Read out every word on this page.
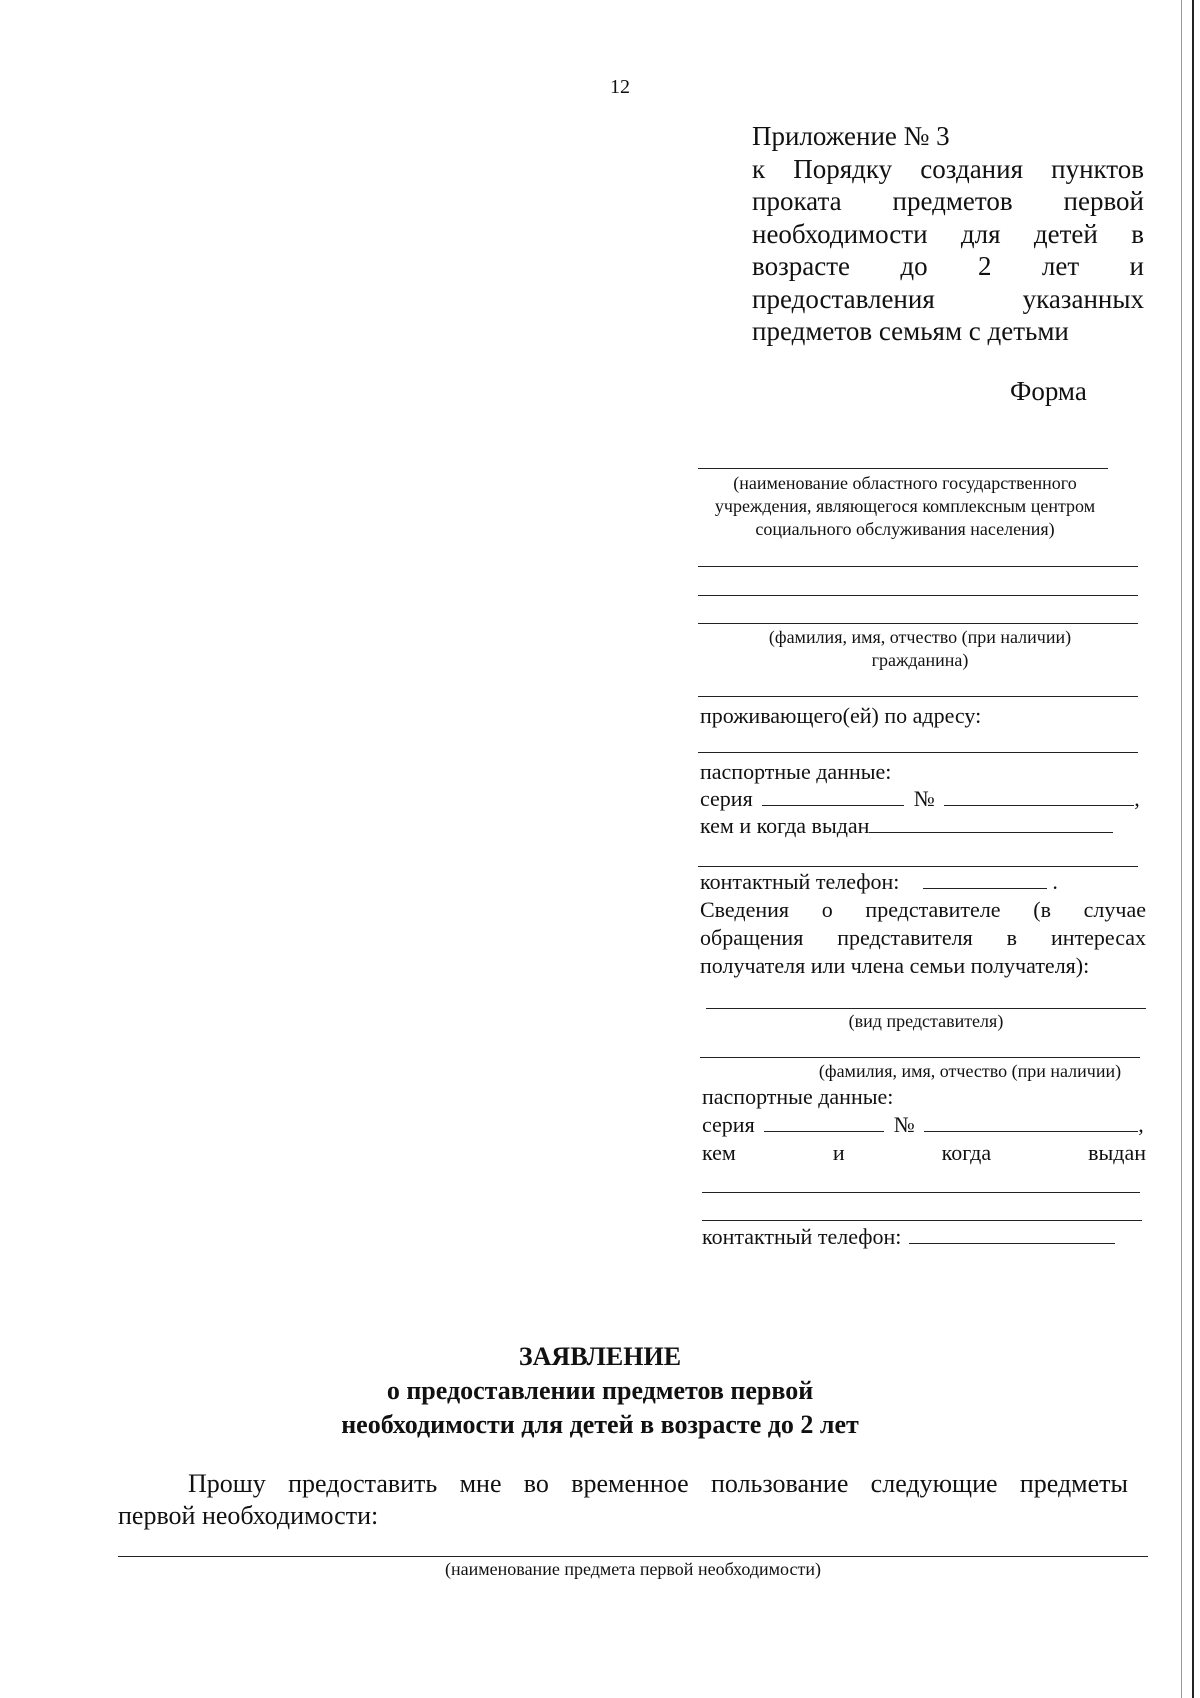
12
Приложение № 3
к Порядку создания пунктов
проката предметов первой
необходимости для детей в
возрасте до 2 лет и
предоставления указанных
предметов семьям с детьми
Форма
(наименование областного государственного учреждения, являющегося комплексным центром социального обслуживания населения)
(фамилия, имя, отчество (при наличии) гражданина)
проживающего(ей) по адресу:
паспортные данные:
серия	№	,
кем и когда выдан
контактный телефон:	.
Сведения о представителе (в случае
обращения представителя в интересах
получателя или члена семьи получателя):
(вид представителя)
(фамилия, имя, отчество (при наличии)
паспортные данные:
серия	№	,
кем и когда выдан
контактный телефон:
ЗАЯВЛЕНИЕ
о предоставлении предметов первой
необходимости для детей в возрасте до 2 лет
Прошу предоставить мне во временное пользование следующие предметы
первой необходимости:
(наименование предмета первой необходимости)
